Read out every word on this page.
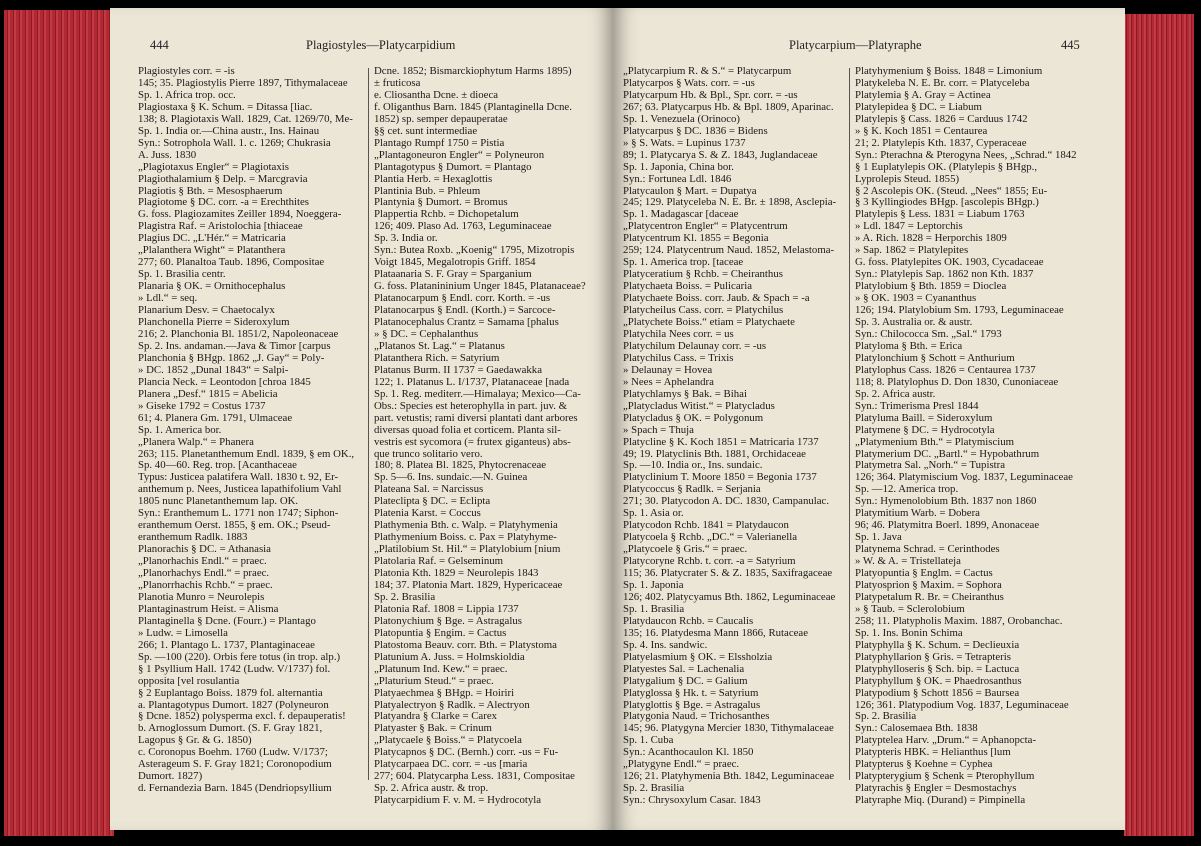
444	Plagiostyles—Platycarpidium
Plagiostyles corr. = -is
145; 35. Plagiostylis Pierre 1897, Tithymalaceae
Sp. 1. Africa trop. occ.
Plagiostaxa § K. Schum. = Ditassa [liac.
138; 8. Plagiotaxis Wall. 1829, Cat. 1269/70, Me-
Sp. 1. India or.—China austr., Ins. Hainau
Syn.: Sotrophola Wall. 1. c. 1269; Chukrasia
A. Juss. 1830
„Plagiotaxus Engler“ = Plagiotaxis
Plagiothalamium § Delp. = Marcgravia
Plagiotis § Bth. = Mesosphaerum
Plagiotome § DC. corr. -a = Erechthites
G. foss. Plagiozamites Zeiller 1894, Noeggera-
Plagistra Raf. = Aristolochia [thiaceae
Plagius DC. „L'Hér.“ = Matricaria
„Plalanthera Wight“ = Platanthera
277; 60. Planaltoa Taub. 1896, Compositae
Sp. 1. Brasilia centr.
Planaria § OK. = Ornithocephalus
» Ldl.“ = seq.
Planarium Desv. = Chaetocalyx
Planchonella Pierre = Sideroxylum
216; 2. Planchonia Bl. 1851/2, Napoleonaceae
Sp. 2. Ins. andaman.—Java & Timor [carpus
Planchonia § BHgp. 1862 „J. Gay“ = Poly-
» DC. 1852 „Dunal 1843“ = Salpi-
Plancia Neck. = Leontodon [chroa 1845
Planera „Desf.“ 1815 = Abelicia
» Giseke 1792 = Costus 1737
61; 4. Planera Gm. 1791, Ulmaceae
Sp. 1. America bor.
„Planera Walp.“ = Phanera
263; 115. Planetanthemum Endl. 1839, § em OK.,
Sp. 40—60. Reg. trop. [Acanthaceae
Typus: Justicea palatifera Wall. 1830 t. 92, Er-
anthemum p. Nees, Justicea lapathifolium Vahl
1805 nunc Planetanthemum lap. OK.
Syn.: Eranthemum L. 1771 non 1747; Siphon-
eranthemum Oerst. 1855, § em. OK.; Pseud-
eranthemum Radlk. 1883
Planorachis § DC. = Athanasia
„Planorhachis Endl.“ = praec.
„Planorhachys Endl.“ = praec.
„Planorrhachis Rchb.“ = praec.
Planotia Munro = Neurolepis
Plantaginastrum Heist. = Alisma
Plantaginella § Dcne. (Fourr.) = Plantago
» Ludw. = Limosella
266; 1. Plantago L. 1737, Plantaginaceae
Sp. —100 (220). Orbis fere totus (in trop. alp.)
§ 1 Psyllium Hall. 1742 (Ludw. V/1737) fol.
opposita [vel rosulantia
§ 2 Euplantago Boiss. 1879 fol. alternantia
a. Plantagotypus Dumort. 1827 (Polyneuron
§ Dcne. 1852) polysperma excl. f. depauperatis!
b. Arnoglossum Dumort. (S. F. Gray 1821,
Lagopus § Gr. & G. 1850)
c. Coronopus Boehm. 1760 (Ludw. V/1737;
Asterageum S. F. Gray 1821; Coronopodium
Dumort. 1827)
d. Fernandezia Barn. 1845 (Dendriopsyllium
Dcne. 1852; Bismarckiophytum Harms 1895)
± fruticosa
e. Cliosantha Dcne. ± dioeca
f. Oliganthus Barn. 1845 (Plantaginella Dcne.
1852) sp. semper depauperatae
§§ cet. sunt intermediae
Plantago Rumpf 1750 = Pistia
„Plantagoneuron Engler“ = Polyneuron
Plantagotypus § Dumort. = Plantago
Plantia Herb. = Hexaglottis
Plantinia Bub. = Phleum
Plantynia § Dumort. = Bromus
Plappertia Rchb. = Dichopetalum
126; 409. Plaso Ad. 1763, Leguminaceae
Sp. 3. India or.
Syn.: Butea Roxb. „Koenig“ 1795, Mizotropis
Voigt 1845, Megalotropis Griff. 1854
Plataanaria S. F. Gray = Sparganium
G. foss. Platanininium Unger 1845, Platanaceae?
Platanocarpum § Endl. corr. Korth. = -us
Platanocarpus § Endl. (Korth.) = Sarcoce-
Platanocephalus Crantz = Samama [phalus
» § DC. = Cephalanthus
„Platanos St. Lag.“ = Platanus
Platanthera Rich. = Satyrium
Platanus Burm. II 1737 = Gaedawakka
122; 1. Platanus L. I/1737, Platanaceae [nada
Sp. 1. Reg. mediterr.—Himalaya; Mexico—Ca-
Obs.: Species est heterophylla in part. juv. &
part. vetustis; rami diversi plantati dant arbores
diversas quoad folia et corticem. Planta sil-
vestris est sycomora (= frutex giganteus) abs-
que trunco solitario vero.
180; 8. Platea Bl. 1825, Phytocrenaceae
Sp. 5—6. Ins. sundaic.—N. Guinea
Plateana Sal. = Narcissus
Plateclipta § DC. = Eclipta
Platenia Karst. = Coccus
Plathymenia Bth. c. Walp. = Platyhymenia
Plathymenium Boiss. c. Pax = Platyhyme-
„Platilobium St. Hil.“ = Platylobium [nium
Platolaria Raf. = Gelseminum
Platonia Kth. 1829 = Neurolepis 1843
184; 37. Platonia Mart. 1829, Hypericaceae
Sp. 2. Brasilia
Platonia Raf. 1808 = Lippia 1737
Platonychium § Bge. = Astragalus
Platopuntia § Engim. = Cactus
Platostoma Beauv. corr. Bth. = Platystoma
Platunium A. Juss. = Holmskioldia
„Platunum Ind. Kew.“ = praec.
„Platurium Steud.“ = praec.
Platyaechmea § BHgp. = Hoiriri
Platyalectryon § Radlk. = Alectryon
Platyandra § Clarke = Carex
Platyaster § Bak. = Crinum
„Platycaele § Boiss.“ = Platycoela
Platycapnos § DC. (Bernh.) corr. -us = Fu-
Platycarpaea DC. corr. = -us [maria
277; 604. Platycarpha Less. 1831, Compositae
Sp. 2. Africa austr. & trop.
Platycarpidium F. v. M. = Hydrocotyla
Platycarpium—Platyraphe	445
„Platycarpium R. & S.“ = Platycarpum
Platycarpos § Wats. corr. = -us
Platycarpum Hb. & Bpl., Spr. corr. = -us
267; 63. Platycarpus Hb. & Bpl. 1809, Aparinac.
Sp. 1. Venezuela (Orinoco)
Platycarpus § DC. 1836 = Bidens
» § S. Wats. = Lupinus 1737
89; 1. Platycarya S. & Z. 1843, Juglandaceae
Sp. 1. Japonia, China bor.
Syn.: Fortunea Ldl. 1846
Platycaulon § Mart. = Dupatya
245; 129. Platyceleba N. E. Br. ± 1898, Asclepia-
Sp. 1. Madagascar [daceae
„Platycentron Engler“ = Platycentrum
Platycentrum Kl. 1855 = Begonia
259; 124. Platycentrum Naud. 1852, Melastoma-
Sp. 1. America trop. [taceae
Platyceratium § Rchb. = Cheiranthus
Platychaeta Boiss. = Pulicaria
Platychaete Boiss. corr. Jaub. & Spach = -a
Platycheilus Cass. corr. = Platychilus
„Platychete Boiss.“ etiam = Platychaete
Platychila Nees corr. = us
Platychilum Delaunay corr. = -us
Platychilus Cass. = Trixis
» Delaunay = Hovea
» Nees = Aphelandra
Platychlamys § Bak. = Bihai
„Platycladus Witist.“ = Platycladus
Platycladus § OK. = Polygonum
» Spach = Thuja
Platycline § K. Koch 1851 = Matricaria 1737
49; 19. Platyclinis Bth. 1881, Orchidaceae
Sp. —10. India or., Ins. sundaic.
Platyclinium T. Moore 1850 = Begonia 1737
Platycoccus § Radlk. = Serjania
271; 30. Platycodon A. DC. 1830, Campanulac.
Sp. 1. Asia or.
Platycodon Rchb. 1841 = Platydaucon
Platycoela § Rchb. „DC.“ = Valerianella
„Platycoele § Gris.“ = praec.
Platycoryne Rchb. t. corr. -a = Satyrium
115; 36. Platycrater S. & Z. 1835, Saxifragaceae
Sp. 1. Japonia
126; 402. Platycyamus Bth. 1862, Leguminaceae
Sp. 1. Brasilia
Platydaucon Rchb. = Caucalis
135; 16. Platydesma Mann 1866, Rutaceae
Sp. 4. Ins. sandwic.
Platyelasmium § OK. = Elssholzia
Platyestes Sal. = Lachenalia
Platygalium § DC. = Galium
Platyglossa § Hk. t. = Satyrium
Platyglottis § Bge. = Astragalus
Platygonia Naud. = Trichosanthes
145; 96. Platygyna Mercier 1830, Tithymalaceae
Sp. 1. Cuba
Syn.: Acanthocaulon Kl. 1850
„Platygyne Endl.“ = praec.
126; 21. Platyhymenia Bth. 1842, Leguminaceae
Sp. 2. Brasilia
Syn.: Chrysoxylum Casar. 1843
Platyhymenium § Boiss. 1848 = Limonium
Platykeleba N. E. Br. corr. = Platyceleba
Platylemia § A. Gray = Actinea
Platylepidea § DC. = Liabum
Platylepis § Cass. 1826 = Carduus 1742
» § K. Koch 1851 = Centaurea
21; 2. Platylepis Kth. 1837, Cyperaceae
Syn.: Pterachna & Pterogyna Nees, „Schrad.“ 1842
§ 1 Euplatylepis OK. (Platylepis § BHgp.,
Lyprolepis Steud. 1855)
§ 2 Ascolepis OK. (Steud. „Nees“ 1855; Eu-
§ 3 Kyllingiodes BHgp. [ascolepis BHgp.)
Platylepis § Less. 1831 = Liabum 1763
» Ldl. 1847 = Leptorchis
» A. Rich. 1828 = Herporchis 1809
» Sap. 1862 = Platylepites
G. foss. Platylepites OK. 1903, Cycadaceae
Syn.: Platylepis Sap. 1862 non Kth. 1837
Platylobium § Bth. 1859 = Dioclea
» § OK. 1903 = Cyananthus
126; 194. Platylobium Sm. 1793, Leguminaceae
Sp. 3. Australia or. & austr.
Syn.: Chilococca Sm. „Sal.“ 1793
Platyloma § Bth. = Erica
Platylonchium § Schott = Anthurium
Platylophus Cass. 1826 = Centaurea 1737
118; 8. Platylophus D. Don 1830, Cunoniaceae
Sp. 2. Africa austr.
Syn.: Trimerisma Presl 1844
Platyluma Baill. = Sideroxylum
Platymene § DC. = Hydrocotyla
„Platymenium Bth.“ = Platymiscium
Platymerium DC. „Bartl.“ = Hypobathrum
Platymetra Sal. „Norh.“ = Tupistra
126; 364. Platymiscium Vog. 1837, Leguminaceae
Sp. —12. America trop.
Syn.: Hymenolobium Bth. 1837 non 1860
Platymitium Warb. = Dobera
96; 46. Platymitra Boerl. 1899, Anonaceae
Sp. 1. Java
Platynema Schrad. = Cerinthodes
» W. & A. = Tristellateja
Platyopuntia § Englm. = Cactus
Platyosprion § Maxim. = Sophora
Platypetalum R. Br. = Cheiranthus
» § Taub. = Sclerolobium
258; 11. Platypholis Maxim. 1887, Orobanchac.
Sp. 1. Ins. Bonin Schima
Platyphylla § K. Schum. = Declieuxia
Platyphyllarion § Gris. = Tetrapteris
Platyphylloseris § Sch. bip. = Lactuca
Platyphyllum § OK. = Phaedrosanthus
Platypodium § Schott 1856 = Baursea
126; 361. Platypodium Vog. 1837, Leguminaceae
Sp. 2. Brasilia
Syn.: Calosemaea Bth. 1838
Platyptelea Harv. „Drum.“ = Aphanopcta-
Platypteris HBK. = Helianthus [lum
Platypterus § Koehne = Cyphea
Platypterygium § Schenk = Pterophyllum
Platyrachis § Engler = Desmostachys
Platyraphe Miq. (Durand) = Pimpinella
